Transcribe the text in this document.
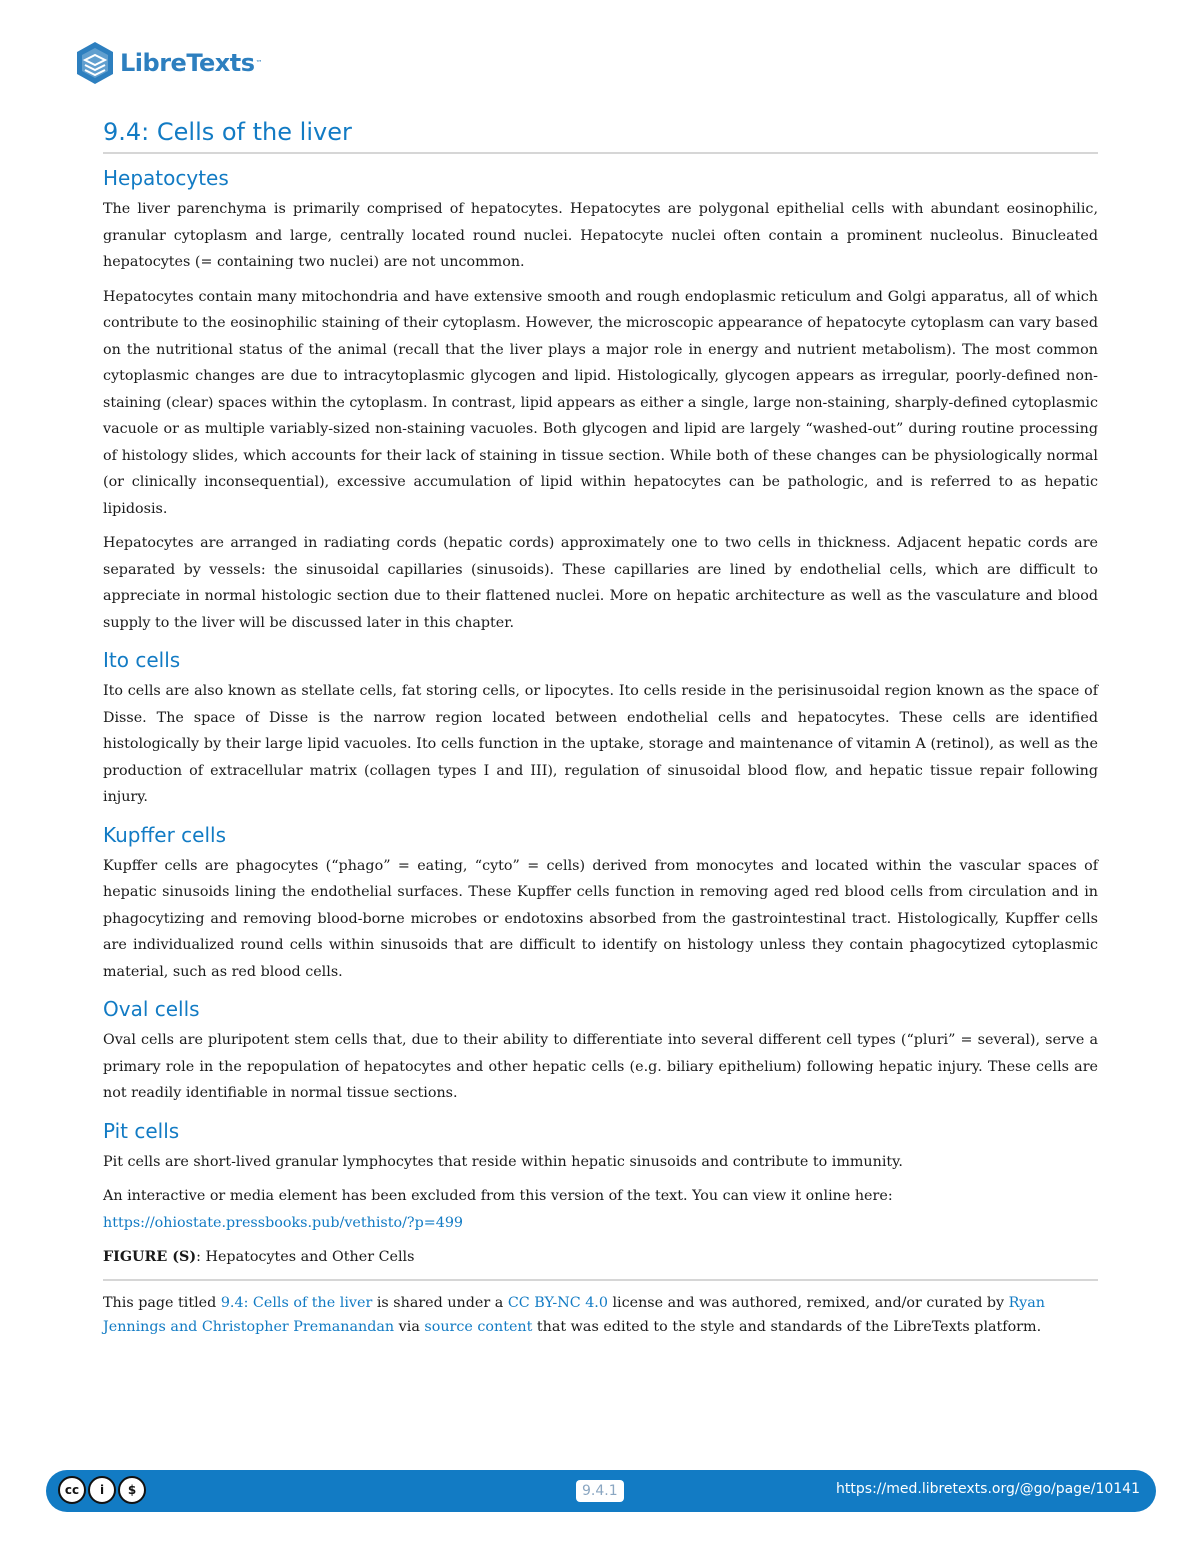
LibreTexts ™
9.4: Cells of the liver
Hepatocytes

The liver parenchyma is primarily comprised of hepatocytes. Hepatocytes are polygonal epithelial cells with abundant eosinophilic, granular cytoplasm and large, centrally located round nuclei. Hepatocyte nuclei often contain a prominent nucleolus. Binucleated hepatocytes (= containing two nuclei) are not uncommon.

Hepatocytes contain many mitochondria and have extensive smooth and rough endoplasmic reticulum and Golgi apparatus, all of which contribute to the eosinophilic staining of their cytoplasm. However, the microscopic appearance of hepatocyte cytoplasm can vary based on the nutritional status of the animal (recall that the liver plays a major role in energy and nutrient metabolism). The most common cytoplasmic changes are due to intracytoplasmic glycogen and lipid. Histologically, glycogen appears as irregular, poorly-defined non-staining (clear) spaces within the cytoplasm. In contrast, lipid appears as either a single, large non-staining, sharply-defined cytoplasmic vacuole or as multiple variably-sized non-staining vacuoles. Both glycogen and lipid are largely “washed-out” during routine processing of histology slides, which accounts for their lack of staining in tissue section. While both of these changes can be physiologically normal (or clinically inconsequential), excessive accumulation of lipid within hepatocytes can be pathologic, and is referred to as hepatic lipidosis.

Hepatocytes are arranged in radiating cords (hepatic cords) approximately one to two cells in thickness. Adjacent hepatic cords are separated by vessels: the sinusoidal capillaries (sinusoids). These capillaries are lined by endothelial cells, which are difficult to appreciate in normal histologic section due to their flattened nuclei. More on hepatic architecture as well as the vasculature and blood supply to the liver will be discussed later in this chapter.

Ito cells

Ito cells are also known as stellate cells, fat storing cells, or lipocytes. Ito cells reside in the perisinusoidal region known as the space of Disse. The space of Disse is the narrow region located between endothelial cells and hepatocytes. These cells are identified histologically by their large lipid vacuoles. Ito cells function in the uptake, storage and maintenance of vitamin A (retinol), as well as the production of extracellular matrix (collagen types I and III), regulation of sinusoidal blood flow, and hepatic tissue repair following injury.

Kupffer cells

Kupffer cells are phagocytes (“phago” = eating, “cyto” = cells) derived from monocytes and located within the vascular spaces of hepatic sinusoids lining the endothelial surfaces. These Kupffer cells function in removing aged red blood cells from circulation and in phagocytizing and removing blood-borne microbes or endotoxins absorbed from the gastrointestinal tract. Histologically, Kupffer cells are individualized round cells within sinusoids that are difficult to identify on histology unless they contain phagocytized cytoplasmic material, such as red blood cells.

Oval cells

Oval cells are pluripotent stem cells that, due to their ability to differentiate into several different cell types (“pluri” = several), serve a primary role in the repopulation of hepatocytes and other hepatic cells (e.g. biliary epithelium) following hepatic injury. These cells are not readily identifiable in normal tissue sections.

Pit cells

Pit cells are short-lived granular lymphocytes that reside within hepatic sinusoids and contribute to immunity.

An interactive or media element has been excluded from this version of the text. You can view it online here:
https://ohiostate.pressbooks.pub/vethisto/?p=499

FIGURE (S): Hepatocytes and Other Cells

This page titled 9.4: Cells of the liver is shared under a CC BY-NC 4.0 license and was authored, remixed, and/or curated by Ryan Jennings and Christopher Premanandan via source content that was edited to the style and standards of the LibreTexts platform.

cc	i	$	9.4.1	https://med.libretexts.org/@go/page/10141
